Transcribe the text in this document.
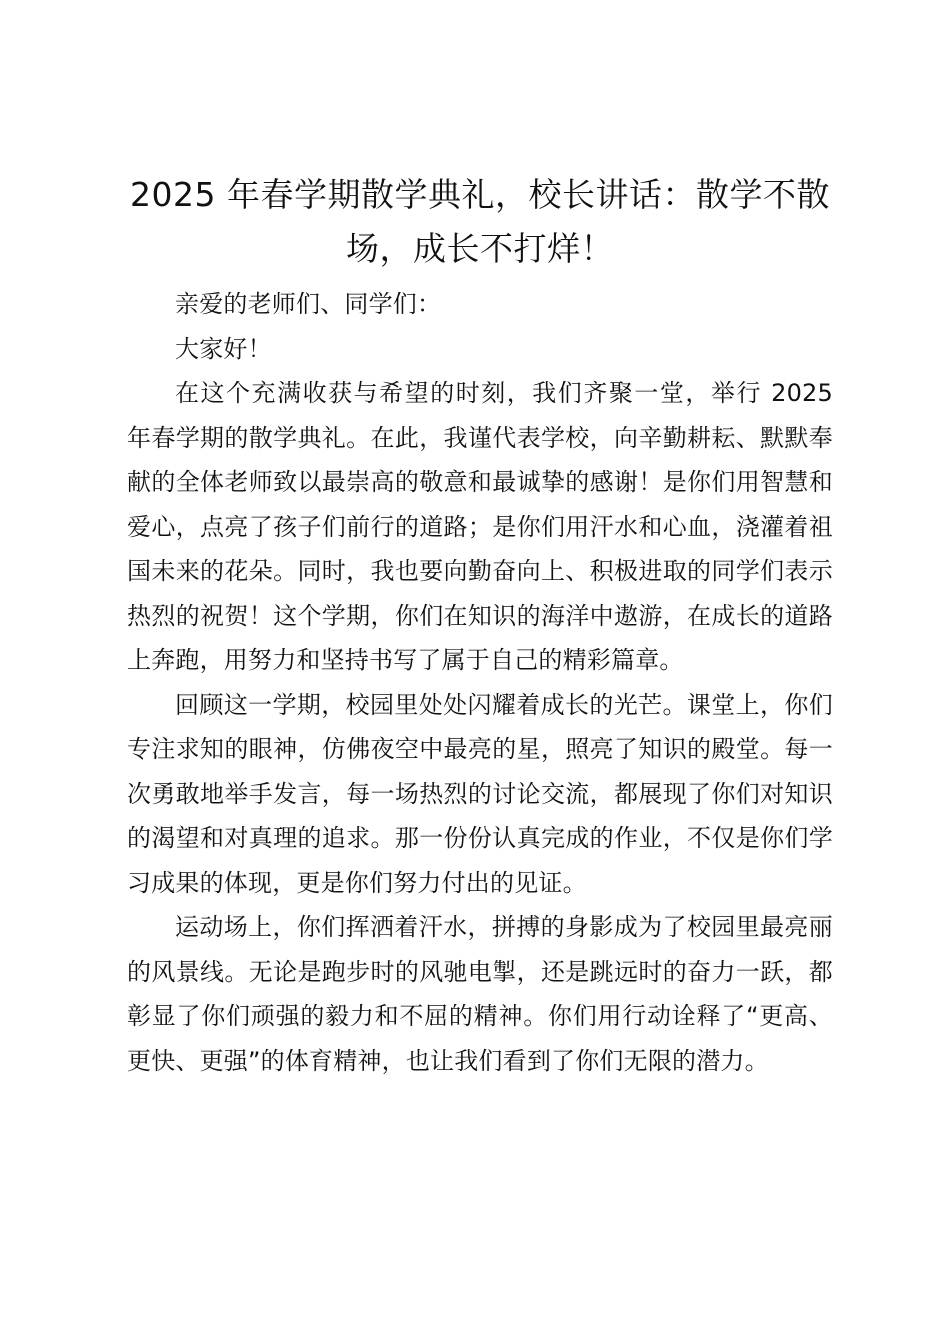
2025 年春学期散学典礼，校长讲话：散学不散场，成长不打烊！

亲爱的老师们、同学们：

大家好！

在这个充满收获与希望的时刻，我们齐聚一堂，举行 2025 年春学期的散学典礼。在此，我谨代表学校，向辛勤耕耘、默默奉献的全体老师致以最崇高的敬意和最诚挚的感谢！是你们用智慧和爱心，点亮了孩子们前行的道路；是你们用汗水和心血，浇灌着祖国未来的花朵。同时，我也要向勤奋向上、积极进取的同学们表示热烈的祝贺！这个学期，你们在知识的海洋中遨游，在成长的道路上奔跑，用努力和坚持书写了属于自己的精彩篇章。

回顾这一学期，校园里处处闪耀着成长的光芒。课堂上，你们专注求知的眼神，仿佛夜空中最亮的星，照亮了知识的殿堂。每一次勇敢地举手发言，每一场热烈的讨论交流，都展现了你们对知识的渴望和对真理的追求。那一份份认真完成的作业，不仅是你们学习成果的体现，更是你们努力付出的见证。

运动场上，你们挥洒着汗水，拼搏的身影成为了校园里最亮丽的风景线。无论是跑步时的风驰电掣，还是跳远时的奋力一跃，都彰显了你们顽强的毅力和不屈的精神。你们用行动诠释了“更高、更快、更强”的体育精神，也让我们看到了你们无限的潜力。
